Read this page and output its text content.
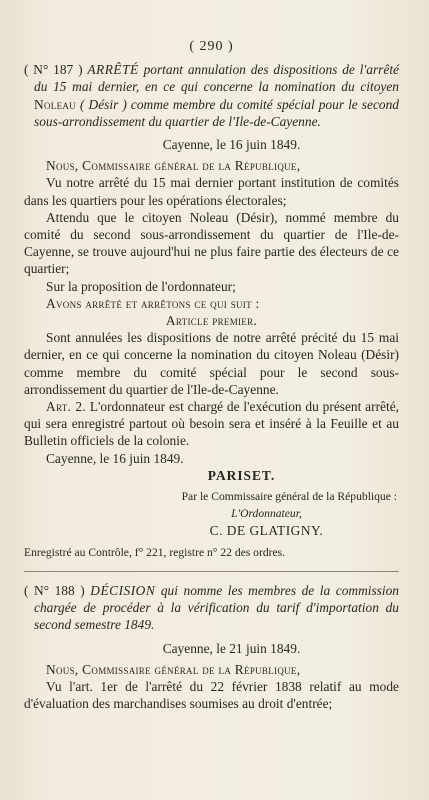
( 290 )

( N° 187 ) ARRÊTÉ portant annulation des dispositions de l'arrêté du 15 mai dernier, en ce qui concerne la nomination du citoyen Noleau ( Désir ) comme membre du comité spécial pour le second sous-arrondissement du quartier de l'Ile-de-Cayenne.

Cayenne, le 16 juin 1849.

Nous, Commissaire général de la République,

Vu notre arrêté du 15 mai dernier portant institution de comités dans les quartiers pour les opérations électorales;

Attendu que le citoyen Noleau (Désir), nommé membre du comité du second sous-arrondissement du quartier de l'Ile-de-Cayenne, se trouve aujourd'hui ne plus faire partie des électeurs de ce quartier;

Sur la proposition de l'ordonnateur;

Avons arrêté et arrêtons ce qui suit :

Article premier.

Sont annulées les dispositions de notre arrêté précité du 15 mai dernier, en ce qui concerne la nomination du citoyen Noleau (Désir) comme membre du comité spécial pour le second sous-arrondissement du quartier de l'Ile-de-Cayenne.

Art. 2. L'ordonnateur est chargé de l'exécution du présent arrêté, qui sera enregistré partout où besoin sera et inséré à la Feuille et au Bulletin officiels de la colonie.

Cayenne, le 16 juin 1849.

PARISET.
Par le Commissaire général de la République :
L'Ordonnateur,
C. DE GLATIGNY.
Enregistré au Contrôle, f° 221, registre n° 22 des ordres.

( N° 188 ) DÉCISION qui nomme les membres de la commission chargée de procéder à la vérification du tarif d'importation du second semestre 1849.

Cayenne, le 21 juin 1849.

Nous, Commissaire général de la République,

Vu l'art. 1er de l'arrêté du 22 février 1838 relatif au mode d'évaluation des marchandises soumises au droit d'entrée;
